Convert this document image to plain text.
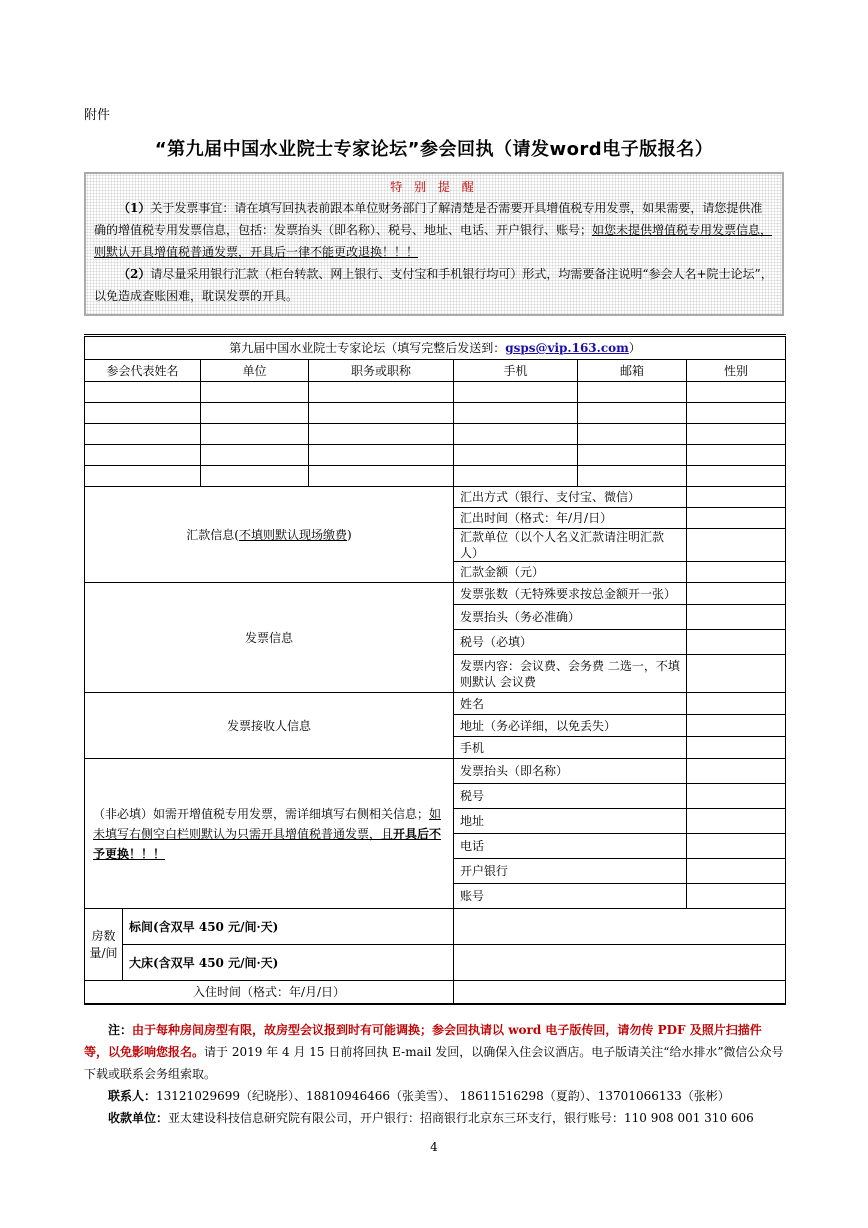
附件
“第九届中国水业院士专家论坛”参会回执（请发word电子版报名）
特 别 提 醒

（1）关于发票事宜：请在填写回执表前跟本单位财务部门了解清楚是否需要开具增值税专用发票，如果需要，请您提供准确的增值税专用发票信息，包括：发票抬头（即名称）、税号、地址、电话、开户银行、账号；如您未提供增值税专用发票信息，则默认开具增值税普通发票，开具后一律不能更改退换！！！

（2）请尽量采用银行汇款（柜台转款、网上银行、支付宝和手机银行均可）形式，均需要备注说明“参会人名+院士论坛”，以免造成查账困难，耽误发票的开具。

第九届中国水业院士专家论坛（填写完整后发送到：gsps@vip.163.com）						
参会代表姓名		单位	职务或职称	手机	邮箱	性别

汇款信息(不填则默认现场缴费)				汇出方式（银行、支付宝、微信）		
				汇出时间（格式：年/月/日）		
				汇款单位（以个人名义汇款请注明汇款人）		
				汇款金额（元）		
发票信息				发票张数（无特殊要求按总金额开一张）		
				发票抬头（务必准确）		
				税号（必填）		
				发票内容：会议费、会务费 二选一，不填则默认 会议费		
发票接收人信息				姓名		
				地址（务必详细，以免丢失）		
				手机		
（非必填）如需开增值税专用发票，需详细填写右侧相关信息；如未填写右侧空白栏则默认为只需开具增值税普通发票，且开具后不予更换！！！				发票抬头（即名称）		
				税号		
				地址		
				电话		
				开户银行		
				账号		
房数量/间	标间(含双早 450 元/间·天)					
	大床(含双早 450 元/间·天)					
入住时间（格式：年/月/日）						

注：由于每种房间房型有限，故房型会议报到时有可能调换；参会回执请以 word 电子版传回，请勿传 PDF 及照片扫描件等，以免影响您报名。请于 2019 年 4 月 15 日前将回执 E-mail 发回，以确保入住会议酒店。电子版请关注“给水排水”微信公众号下载或联系会务组索取。

联系人：13121029699（纪晓彤）、18810946466（张美雪）、 18611516298（夏韵）、13701066133（张彬）

收款单位：亚太建设科技信息研究院有限公司，开户银行：招商银行北京东三环支行，银行账号：110 908 001 310 606

4
